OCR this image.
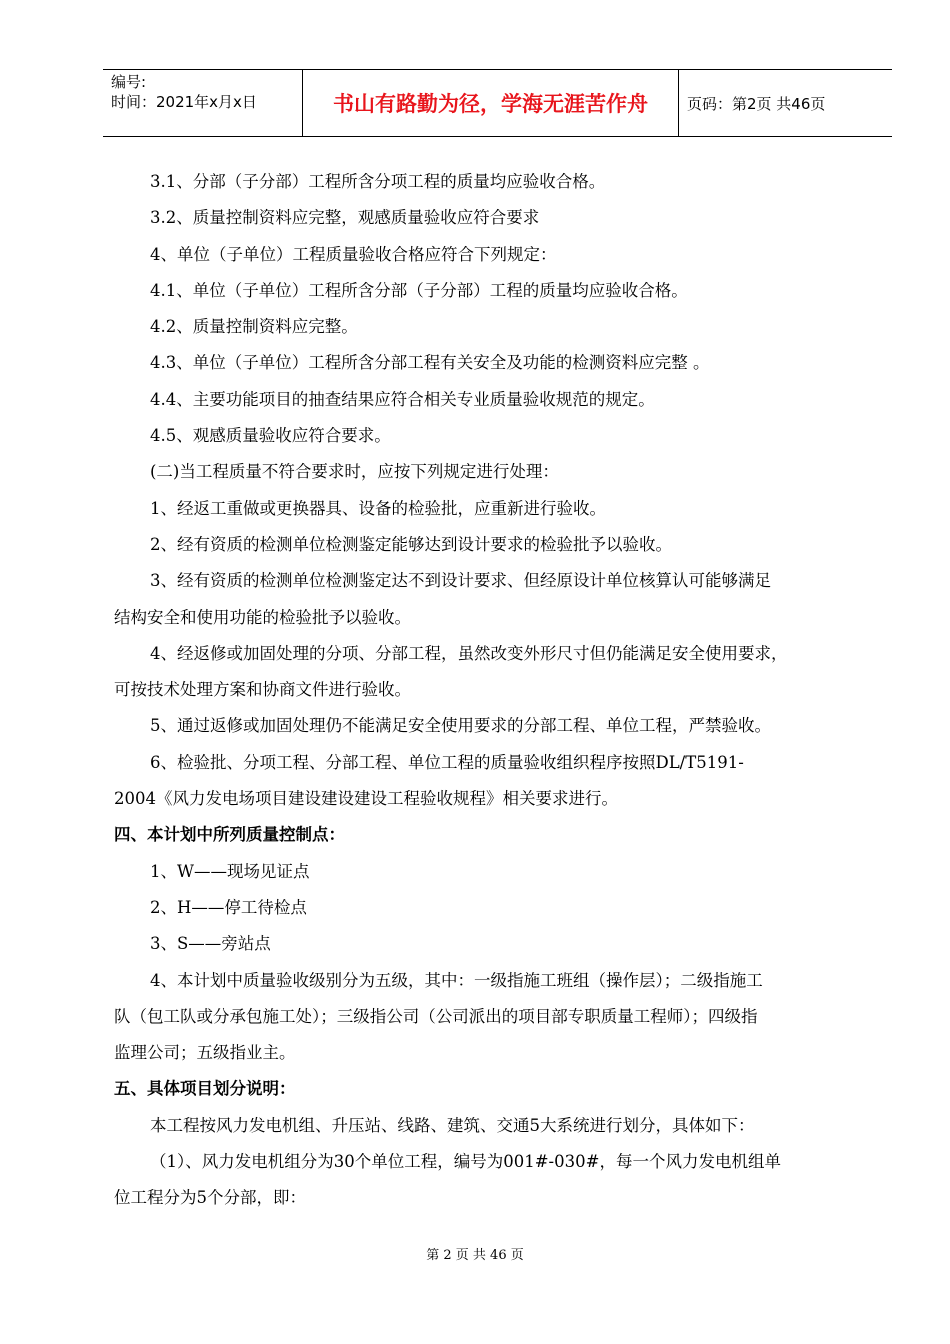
编号:
时间：2021年x月x日	书山有路勤为径，学海无涯苦作舟	页码：第2页 共46页

3.1、分部（子分部）工程所含分项工程的质量均应验收合格。

3.2、质量控制资料应完整，观感质量验收应符合要求

4、单位（子单位）工程质量验收合格应符合下列规定：

4.1、单位（子单位）工程所含分部（子分部）工程的质量均应验收合格。

4.2、质量控制资料应完整。

4.3、单位（子单位）工程所含分部工程有关安全及功能的检测资料应完整 。

4.4、主要功能项目的抽查结果应符合相关专业质量验收规范的规定。

4.5、观感质量验收应符合要求。

(二)当工程质量不符合要求时，应按下列规定进行处理：

1、经返工重做或更换器具、设备的检验批，应重新进行验收。

2、经有资质的检测单位检测鉴定能够达到设计要求的检验批予以验收。

3、经有资质的检测单位检测鉴定达不到设计要求、但经原设计单位核算认可能够满足

结构安全和使用功能的检验批予以验收。

4、经返修或加固处理的分项、分部工程，虽然改变外形尺寸但仍能满足安全使用要求，

可按技术处理方案和协商文件进行验收。

5、通过返修或加固处理仍不能满足安全使用要求的分部工程、单位工程，严禁验收。

6、检验批、分项工程、分部工程、单位工程的质量验收组织程序按照DL/T5191-

2004《风力发电场项目建设建设建设工程验收规程》相关要求进行。

四、本计划中所列质量控制点：

1、W——现场见证点

2、H——停工待检点

3、S——旁站点

4、本计划中质量验收级别分为五级，其中：一级指施工班组（操作层）；二级指施工

队（包工队或分承包施工处）；三级指公司（公司派出的项目部专职质量工程师）；四级指

监理公司；五级指业主。

五、具体项目划分说明：

本工程按风力发电机组、升压站、线路、建筑、交通5大系统进行划分，具体如下：

（1）、风力发电机组分为30个单位工程，编号为001#-030#，每一个风力发电机组单

位工程分为5个分部，即：

第 2 页 共 46 页
